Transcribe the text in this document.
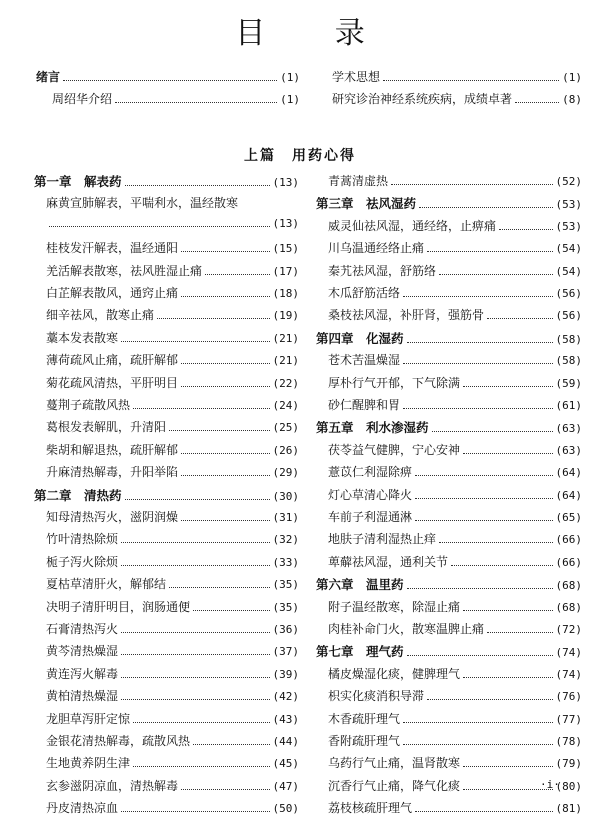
目 录
绪言	(1)
周绍华介绍	(1)
学术思想	(1)
研究诊治神经系统疾病，成绩卓著	(8)
上篇　用药心得
第一章　解表药	(13)
麻黄宣肺解表，平喘利水，温经散寒
(13)
桂枝发汗解表，温经通阳	(15)
羌活解表散寒，祛风胜湿止痛	(17)
白芷解表散风，通窍止痛	(18)
细辛祛风，散寒止痛	(19)
藁本发表散寒	(21)
薄荷疏风止痛，疏肝解郁	(21)
菊花疏风清热，平肝明目	(22)
蔓荆子疏散风热	(24)
葛根发表解肌，升清阳	(25)
柴胡和解退热，疏肝解郁	(26)
升麻清热解毒，升阳举陷	(29)
第二章　清热药	(30)
知母清热泻火，滋阴润燥	(31)
竹叶清热除烦	(32)
栀子泻火除烦	(33)
夏枯草清肝火，解郁结	(35)
决明子清肝明目，润肠通便	(35)
石膏清热泻火	(36)
黄芩清热燥湿	(37)
黄连泻火解毒	(39)
黄柏清热燥湿	(42)
龙胆草泻肝定惊	(43)
金银花清热解毒，疏散风热	(44)
生地黄养阴生津	(45)
玄参滋阴凉血，清热解毒	(47)
丹皮清热凉血	(50)
青蒿清虚热	(52)
第三章　祛风湿药	(53)
威灵仙祛风湿，通经络，止痹痛	(53)
川乌温通经络止痛	(54)
秦艽祛风湿，舒筋络	(54)
木瓜舒筋活络	(56)
桑枝祛风湿，补肝肾，强筋骨	(56)
第四章　化湿药	(58)
苍术苦温燥湿	(58)
厚朴行气开郁，下气除满	(59)
砂仁醒脾和胃	(61)
第五章　利水渗湿药	(63)
茯苓益气健脾，宁心安神	(63)
薏苡仁利湿除痹	(64)
灯心草清心降火	(64)
车前子利湿通淋	(65)
地肤子清利湿热止痒	(66)
萆薢祛风湿，通利关节	(66)
第六章　温里药	(68)
附子温经散寒，除湿止痛	(68)
肉桂补命门火，散寒温脾止痛	(72)
第七章　理气药	(74)
橘皮燥湿化痰，健脾理气	(74)
枳实化痰消积导滞	(76)
木香疏肝理气	(77)
香附疏肝理气	(78)
乌药行气止痛，温肾散寒	(79)
沉香行气止痛，降气化痰	(80)
荔枝核疏肝理气	(81)
·i·
